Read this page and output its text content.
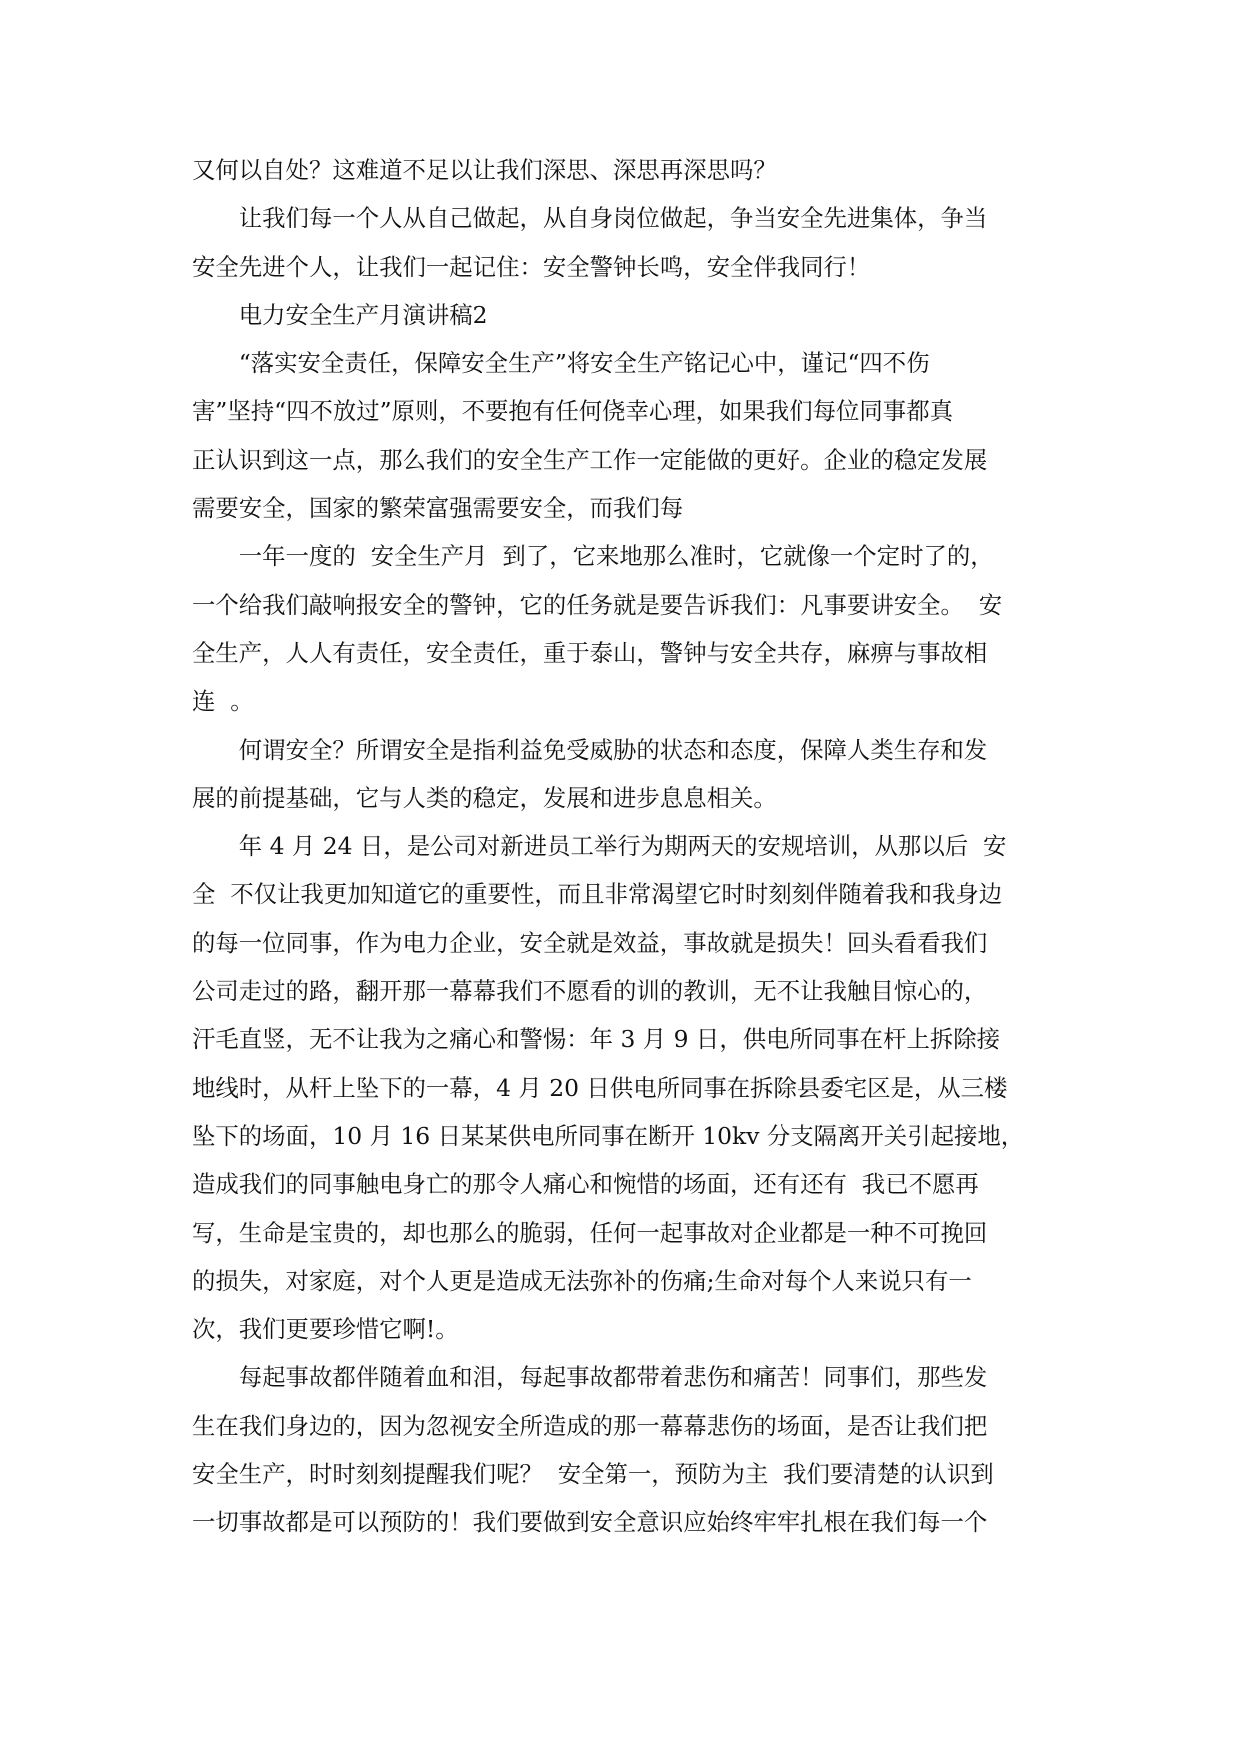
又何以自处？这难道不足以让我们深思、深思再深思吗？
　　让我们每一个人从自己做起，从自身岗位做起，争当安全先进集体，争当
安全先进个人，让我们一起记住：安全警钟长鸣，安全伴我同行！
　　电力安全生产月演讲稿2
　　“落实安全责任，保障安全生产”将安全生产铭记心中，谨记“四不伤
害”坚持“四不放过”原则，不要抱有任何侥幸心理，如果我们每位同事都真
正认识到这一点，那么我们的安全生产工作一定能做的更好。企业的稳定发展
需要安全，国家的繁荣富强需要安全，而我们每
　　一年一度的  安全生产月  到了，它来地那么准时，它就像一个定时了的，
一个给我们敲响报安全的警钟，它的任务就是要告诉我们：凡事要讲安全。  安
全生产，人人有责任，安全责任，重于泰山，警钟与安全共存，麻痹与事故相
连  。
　　何谓安全？所谓安全是指利益免受威胁的状态和态度，保障人类生存和发
展的前提基础，它与人类的稳定，发展和进步息息相关。
　　年 4 月 24 日，是公司对新进员工举行为期两天的安规培训，从那以后  安
全  不仅让我更加知道它的重要性，而且非常渴望它时时刻刻伴随着我和我身边
的每一位同事，作为电力企业，安全就是效益，事故就是损失！回头看看我们
公司走过的路，翻开那一幕幕我们不愿看的训的教训，无不让我触目惊心的，
汗毛直竖，无不让我为之痛心和警惕：年 3 月 9 日，供电所同事在杆上拆除接
地线时，从杆上坠下的一幕，4 月 20 日供电所同事在拆除县委宅区是，从三楼
坠下的场面，10 月 16 日某某供电所同事在断开 10kv 分支隔离开关引起接地，
造成我们的同事触电身亡的那令人痛心和惋惜的场面，还有还有  我已不愿再
写，生命是宝贵的，却也那么的脆弱，任何一起事故对企业都是一种不可挽回
的损失，对家庭，对个人更是造成无法弥补的伤痛;生命对每个人来说只有一
次，我们更要珍惜它啊!。
　　每起事故都伴随着血和泪，每起事故都带着悲伤和痛苦！同事们，那些发
生在我们身边的，因为忽视安全所造成的那一幕幕悲伤的场面，是否让我们把
安全生产，时时刻刻提醒我们呢？  安全第一，预防为主  我们要清楚的认识到
一切事故都是可以预防的！我们要做到安全意识应始终牢牢扎根在我们每一个
